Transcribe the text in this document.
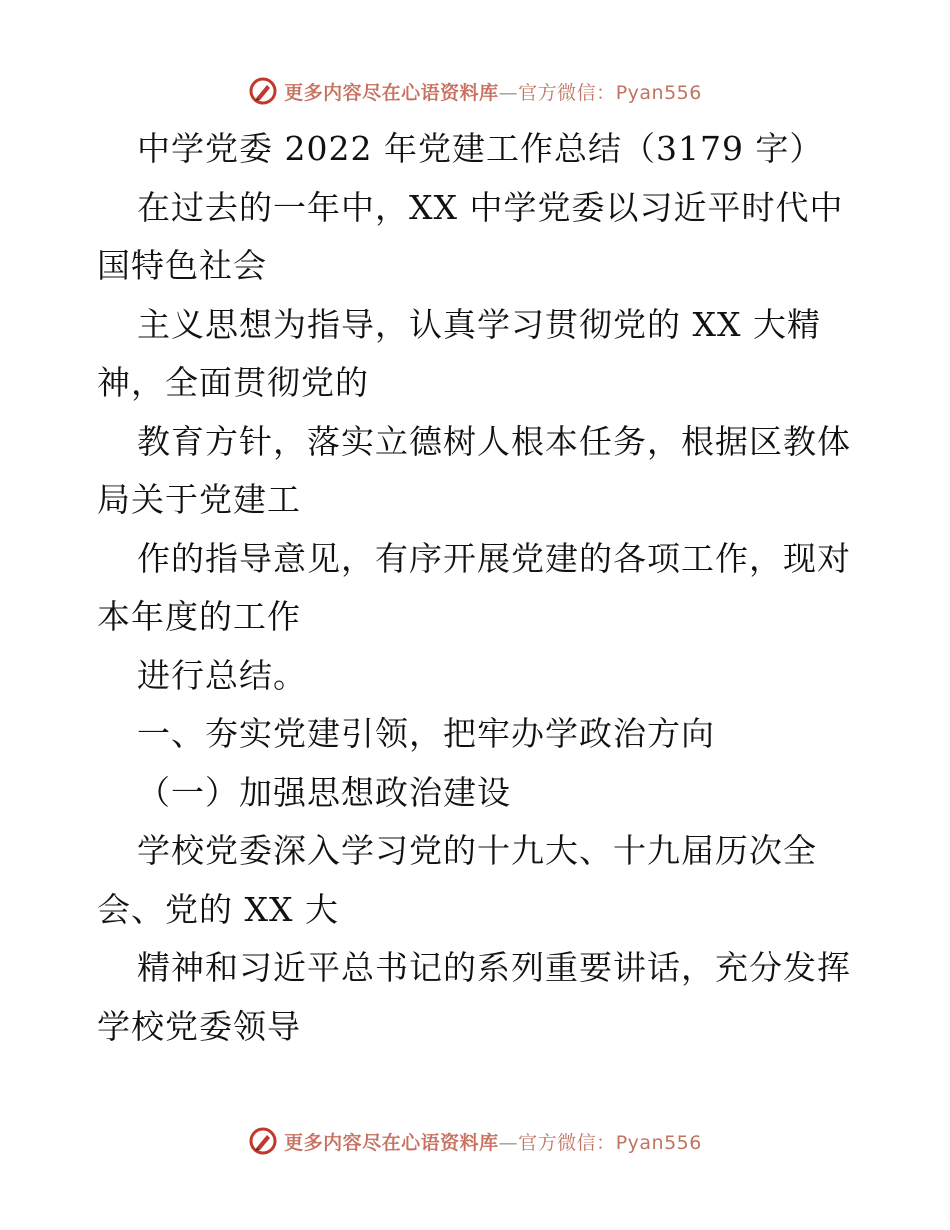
更多内容尽在心语资料库—官方微信：Pyan556
中学党委 2022 年党建工作总结（3179 字）
在过去的一年中，XX 中学党委以习近平时代中
国特色社会
主义思想为指导，认真学习贯彻党的 XX 大精
神，全面贯彻党的
教育方针，落实立德树人根本任务，根据区教体
局关于党建工
作的指导意见，有序开展党建的各项工作，现对
本年度的工作
进行总结。
一、夯实党建引领，把牢办学政治方向
（一）加强思想政治建设
学校党委深入学习党的十九大、十九届历次全
会、党的 XX 大
精神和习近平总书记的系列重要讲话，充分发挥
学校党委领导
更多内容尽在心语资料库—官方微信：Pyan556
